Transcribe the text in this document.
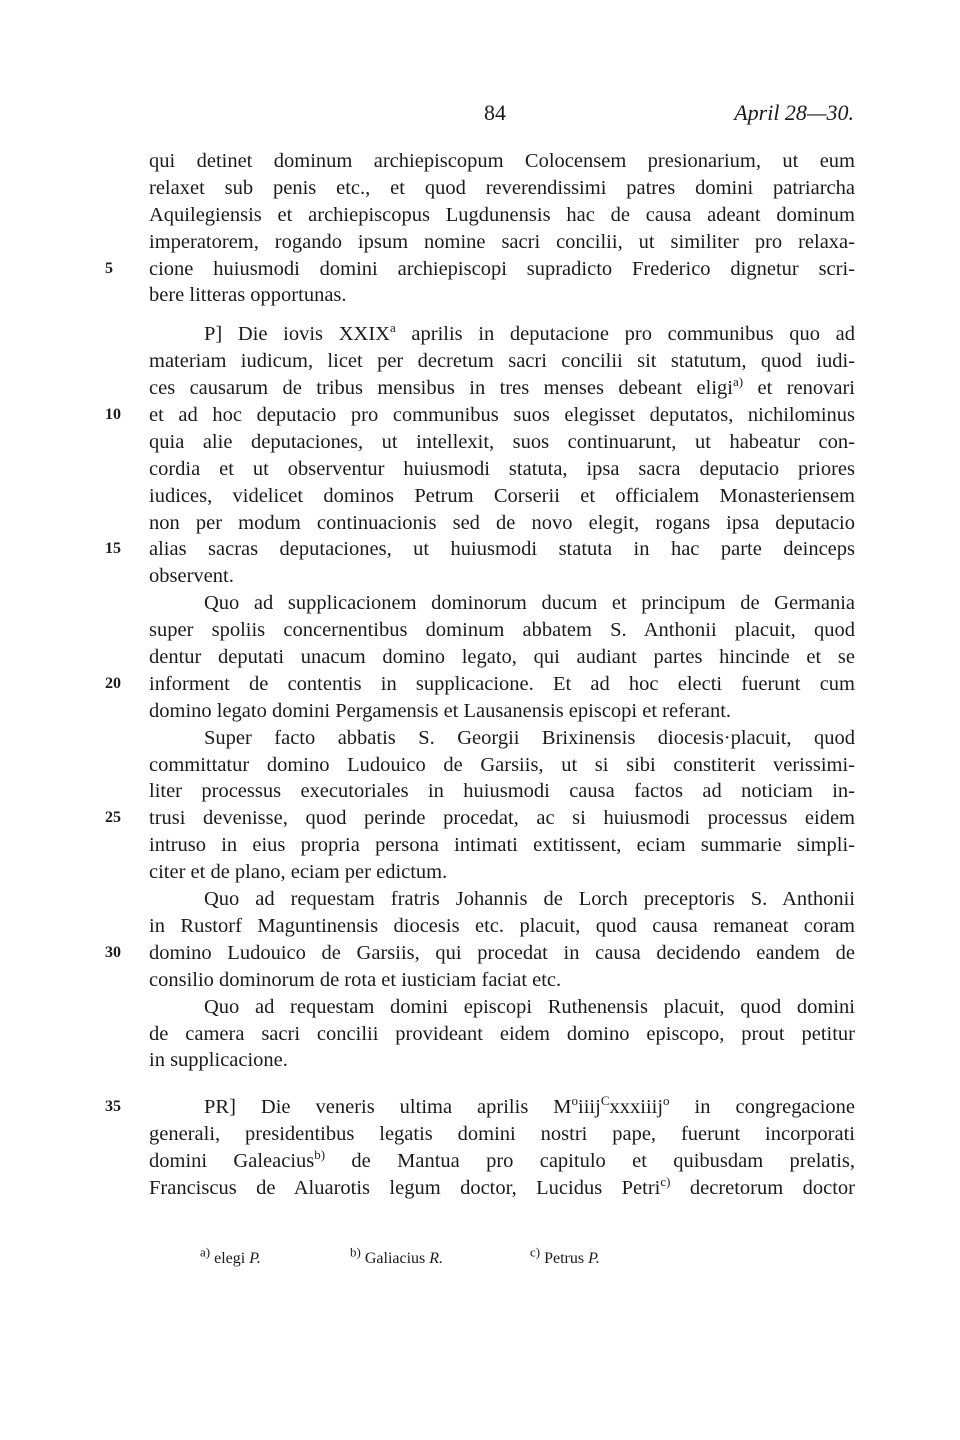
84	April 28—30.
qui detinet dominum archiepiscopum Colocensem presionarium, ut eum
relaxet sub penis etc., et quod reverendissimi patres domini patriarcha
Aquilegiensis et archiepiscopus Lugdunensis hac de causa adeant dominum
imperatorem, rogando ipsum nomine sacri concilii, ut similiter pro relaxa-
5 cione huiusmodi domini archiepiscopi supradicto Frederico dignetur scri-
bere litteras opportunas.
P] Die iovis XXIX$^a$ aprilis in deputacione pro communibus quo ad
materiam iudicum, licet per decretum sacri concilii sit statutum, quod iudi-
ces causarum de tribus mensibus in tres menses debeant eligi$^{a)}$ et renovari
10 et ad hoc deputacio pro communibus suos elegisset deputatos, nichilominus
quia alie deputaciones, ut intellexit, suos continuarunt, ut habeatur con-
cordia et ut observentur huiusmodi statuta, ipsa sacra deputacio priores
iudices, videlicet dominos Petrum Corserii et officialem Monasteriensem
non per modum continuacionis sed de novo elegit, rogans ipsa deputacio
15 alias sacras deputaciones, ut huiusmodi statuta in hac parte deinceps
observent.
Quo ad supplicacionem dominorum ducum et principum de Germania
super spoliis concernentibus dominum abbatem S. Anthonii placuit, quod
dentur deputati unacum domino legato, qui audiant partes hincinde et se
20 informent de contentis in supplicacione. Et ad hoc electi fuerunt cum
domino legato domini Pergamensis et Lausanensis episcopi et referant.
Super facto abbatis S. Georgii Brixinensis diocesis·placuit, quod
committatur domino Ludouico de Garsiis, ut si sibi constiterit verissimi-
liter processus executoriales in huiusmodi causa factos ad noticiam in-
25 trusi devenisse, quod perinde procedat, ac si huiusmodi processus eidem
intruso in eius propria persona intimati extitissent, eciam summarie simpli-
citer et de plano, eciam per edictum.
Quo ad requestam fratris Johannis de Lorch preceptoris S. Anthonii
in Rustorf Maguntinensis diocesis etc. placuit, quod causa remaneat coram
30 domino Ludouico de Garsiis, qui procedat in causa decidendo eandem de
consilio dominorum de rota et iusticiam faciat etc.
Quo ad requestam domini episcopi Ruthenensis placuit, quod domini
de camera sacri concilii provideant eidem domino episcopo, prout petitur
in supplicacione.
35	PR] Die veneris ultima aprilis $M^oiiij^Cxxxiiij^o$ in congregacione
generali, presidentibus legatis domini nostri pape, fuerunt incorporati
domini Galeacius$^{b)}$ de Mantua pro capitulo et quibusdam prelatis,
Franciscus de Aluarotis legum doctor, Lucidus Petri$^{c)}$ decretorum doctor
$^{a)}$ elegi P.	$^{b)}$ Galiacius R.	$^{c)}$ Petrus P.
